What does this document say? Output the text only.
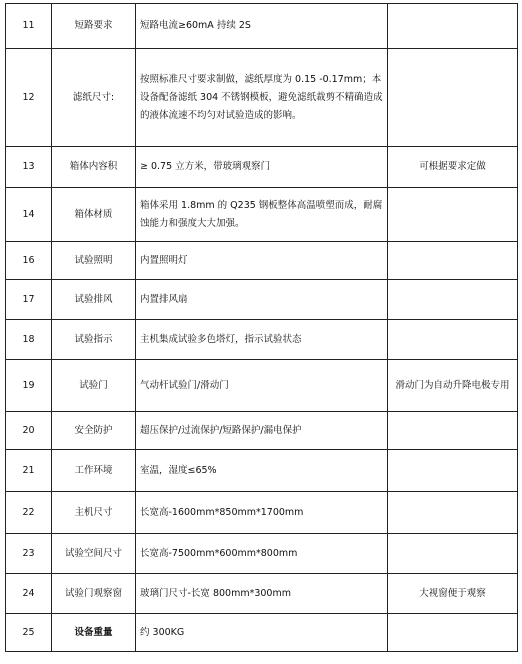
11	短路要求	短路电流≥60mA 持续 2S	
12	滤纸尺寸:	按照标准尺寸要求制做，滤纸厚度为 0.15 -0.17mm；本设备配备滤纸 304 不锈钢模板，避免滤纸裁剪不精确造成的液体流速不均匀对试验造成的影响。	
13	箱体内容积	≥ 0.75 立方米，带玻璃观察门	可根据要求定做
14	箱体材质	箱体采用 1.8mm 的 Q235 钢板整体高温喷塑而成，耐腐蚀能力和强度大大加强。	
16	试验照明	内置照明灯	
17	试验排风	内置排风扇	
18	试验指示	主机集成试验多色塔灯，指示试验状态	
19	试验门	气动杆试验门/滑动门	滑动门为自动升降电极专用
20	安全防护	超压保护/过流保护/短路保护/漏电保护	
21	工作环境	室温，湿度≤65%	
22	主机尺寸	长宽高-1600mm*850mm*1700mm	
23	试验空间尺寸	长宽高-7500mm*600mm*800mm	
24	试验门观察窗	玻璃门尺寸-长宽 800mm*300mm	大视窗便于观察
25	设备重量	约 300KG	
